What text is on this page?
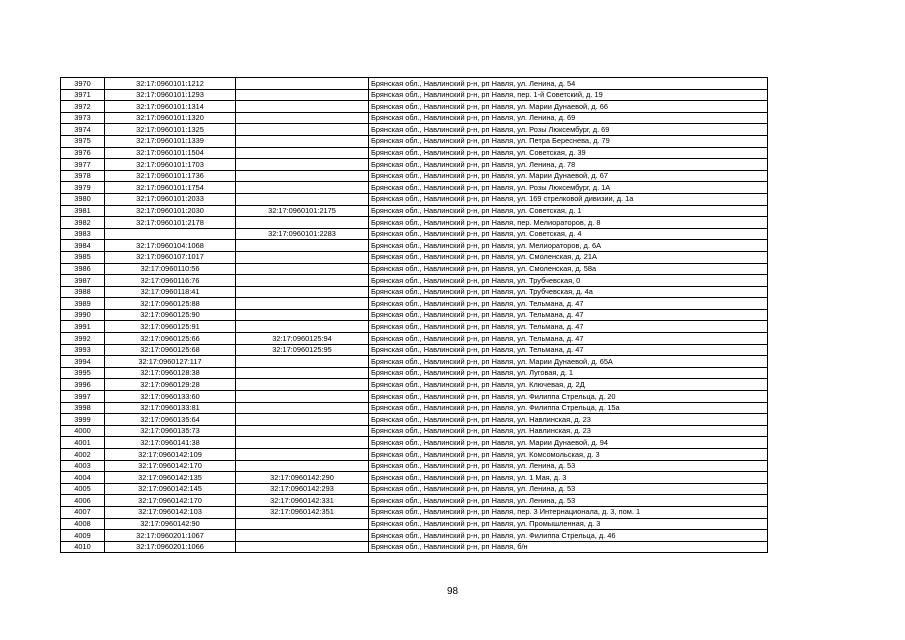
3970	32:17:0960101:1212		Брянская обл., Навлинский р-н, рп Навля, ул. Ленина, д. 54
3971	32:17:0960101:1293		Брянская обл., Навлинский р-н, рп Навля, пер. 1-й Советский, д. 19
3972	32:17:0960101:1314		Брянская обл., Навлинский р-н, рп Навля, ул. Марии Дунаевой, д. 66
3973	32:17:0960101:1320		Брянская обл., Навлинский р-н, рп Навля, ул. Ленина, д. 69
3974	32:17:0960101:1325		Брянская обл., Навлинский р-н, рп Навля, ул. Розы Люксембург, д. 69
3975	32:17:0960101:1339		Брянская обл., Навлинский р-н, рп Навля, ул. Петра Береснева, д. 79
3976	32:17:0960101:1504		Брянская обл., Навлинский р-н, рп Навля, ул. Советская, д. 39
3977	32:17:0960101:1703		Брянская обл., Навлинский р-н, рп Навля, ул. Ленина, д. 78
3978	32:17:0960101:1736		Брянская обл., Навлинский р-н, рп Навля, ул. Марии Дунаевой, д. 67
3979	32:17:0960101:1754		Брянская обл., Навлинский р-н, рп Навля, ул. Розы Люксембург, д. 1А
3980	32:17:0960101:2033		Брянская обл., Навлинский р-н, рп Навля, ул. 169 стрелковой дивизии, д. 1а
3981	32:17:0960101:2030	32:17:0960101:2175	Брянская обл., Навлинский р-н, рп Навля, ул. Советская, д. 1
3982	32:17:0960101:2178		Брянская обл., Навлинский р-н, рп Навля, пер. Мелиораторов, д. 8
3983		32:17:0960101:2283	Брянская обл., Навлинский р-н, рп Навля, ул. Советская, д. 4
3984	32:17:0960104:1068		Брянская обл., Навлинский р-н, рп Навля, ул. Мелиораторов, д. 6А
3985	32:17:0960107:1017		Брянская обл., Навлинский р-н, рп Навля, ул. Смоленская, д. 21А
3986	32:17:0960110:56		Брянская обл., Навлинский р-н, рп Навля, ул. Смоленская, д. 58а
3987	32:17:0960116:76		Брянская обл., Навлинский р-н, рп Навля, ул. Трубчевская, 0
3988	32:17:0960118:41		Брянская обл., Навлинский р-н, рп Навля, ул. Трубчевская, д. 4а
3989	32:17:0960125:88		Брянская обл., Навлинский р-н, рп Навля, ул. Тельмана, д. 47
3990	32:17:0960125:90		Брянская обл., Навлинский р-н, рп Навля, ул. Тельмана, д. 47
3991	32:17:0960125:91		Брянская обл., Навлинский р-н, рп Навля, ул. Тельмана, д. 47
3992	32:17:0960125:66	32:17:0960125:94	Брянская обл., Навлинский р-н, рп Навля, ул. Тельмана, д. 47
3993	32:17:0960125:68	32:17:0960125:95	Брянская обл., Навлинский р-н, рп Навля, ул. Тельмана, д. 47
3994	32:17:0960127:117		Брянская обл., Навлинский р-н, рп Навля, ул. Марии Дунаевой, д. 65А
3995	32:17:0960128:38		Брянская обл., Навлинский р-н, рп Навля, ул. Луговая, д. 1
3996	32:17:0960129:28		Брянская обл., Навлинский р-н, рп Навля, ул. Ключевая, д. 2Д
3997	32:17:0960133:60		Брянская обл., Навлинский р-н, рп Навля, ул. Филиппа Стрельца, д. 20
3998	32:17:0960133:81		Брянская обл., Навлинский р-н, рп Навля, ул. Филиппа Стрельца, д. 15а
3999	32:17:0960135:64		Брянская обл., Навлинский р-н, рп Навля, ул. Навлинская, д. 23
4000	32:17:0960135:73		Брянская обл., Навлинский р-н, рп Навля, ул. Навлинская, д. 23
4001	32:17:0960141:38		Брянская обл., Навлинский р-н, рп Навля, ул. Марии Дунаевой, д. 94
4002	32:17:0960142:109		Брянская обл., Навлинский р-н, рп Навля, ул. Комсомольская, д. 3
4003	32:17:0960142:170		Брянская обл., Навлинский р-н, рп Навля, ул. Ленина, д. 53
4004	32:17:0960142:135	32:17:0960142:290	Брянская обл., Навлинский р-н, рп Навля, ул. 1 Мая, д. 3
4005	32:17:0960142:145	32:17:0960142:293	Брянская обл., Навлинский р-н, рп Навля, ул. Ленина, д. 53
4006	32:17:0960142:170	32:17:0960142:331	Брянская обл., Навлинский р-н, рп Навля, ул. Ленина, д. 53
4007	32:17:0960142:103	32:17:0960142:351	Брянская обл., Навлинский р-н, рп Навля, пер. 3 Интернационала, д. 3, пом. 1
4008	32:17:0960142:90		Брянская обл., Навлинский р-н, рп Навля, ул. Промышленная, д. 3
4009	32:17:0960201:1067		Брянская обл., Навлинский р-н, рп Навля, ул. Филиппа Стрельца, д. 46
4010	32:17:0960201:1066		Брянская обл., Навлинский р-н, рп Навля, б/н
98
